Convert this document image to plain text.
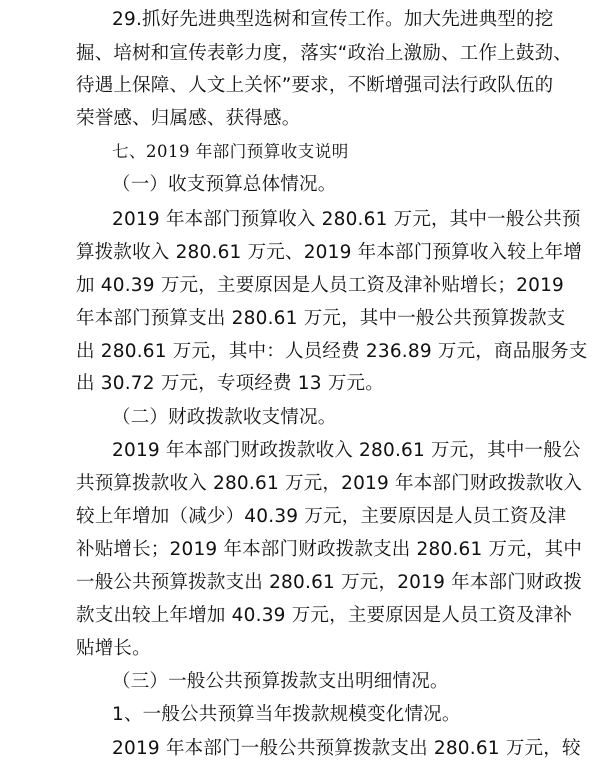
29.抓好先进典型选树和宣传工作。加大先进典型的挖
掘、培树和宣传表彰力度，落实“政治上激励、工作上鼓劲、
待遇上保障、人文上关怀”要求，不断增强司法行政队伍的
荣誉感、归属感、获得感。
七、2019 年部门预算收支说明
（一）收支预算总体情况。
2019 年本部门预算收入 280.61 万元，其中一般公共预
算拨款收入 280.61 万元、2019 年本部门预算收入较上年增
加 40.39 万元，主要原因是人员工资及津补贴增长；2019
年本部门预算支出 280.61 万元，其中一般公共预算拨款支
出 280.61 万元，其中：人员经费 236.89 万元，商品服务支
出 30.72 万元，专项经费 13 万元。
（二）财政拨款收支情况。
2019 年本部门财政拨款收入 280.61 万元，其中一般公
共预算拨款收入 280.61 万元，2019 年本部门财政拨款收入
较上年增加（减少）40.39 万元，主要原因是人员工资及津
补贴增长；2019 年本部门财政拨款支出 280.61 万元，其中
一般公共预算拨款支出 280.61 万元，2019 年本部门财政拨
款支出较上年增加 40.39 万元，主要原因是人员工资及津补
贴增长。
（三）一般公共预算拨款支出明细情况。
1、一般公共预算当年拨款规模变化情况。
2019 年本部门一般公共预算拨款支出 280.61 万元，较
